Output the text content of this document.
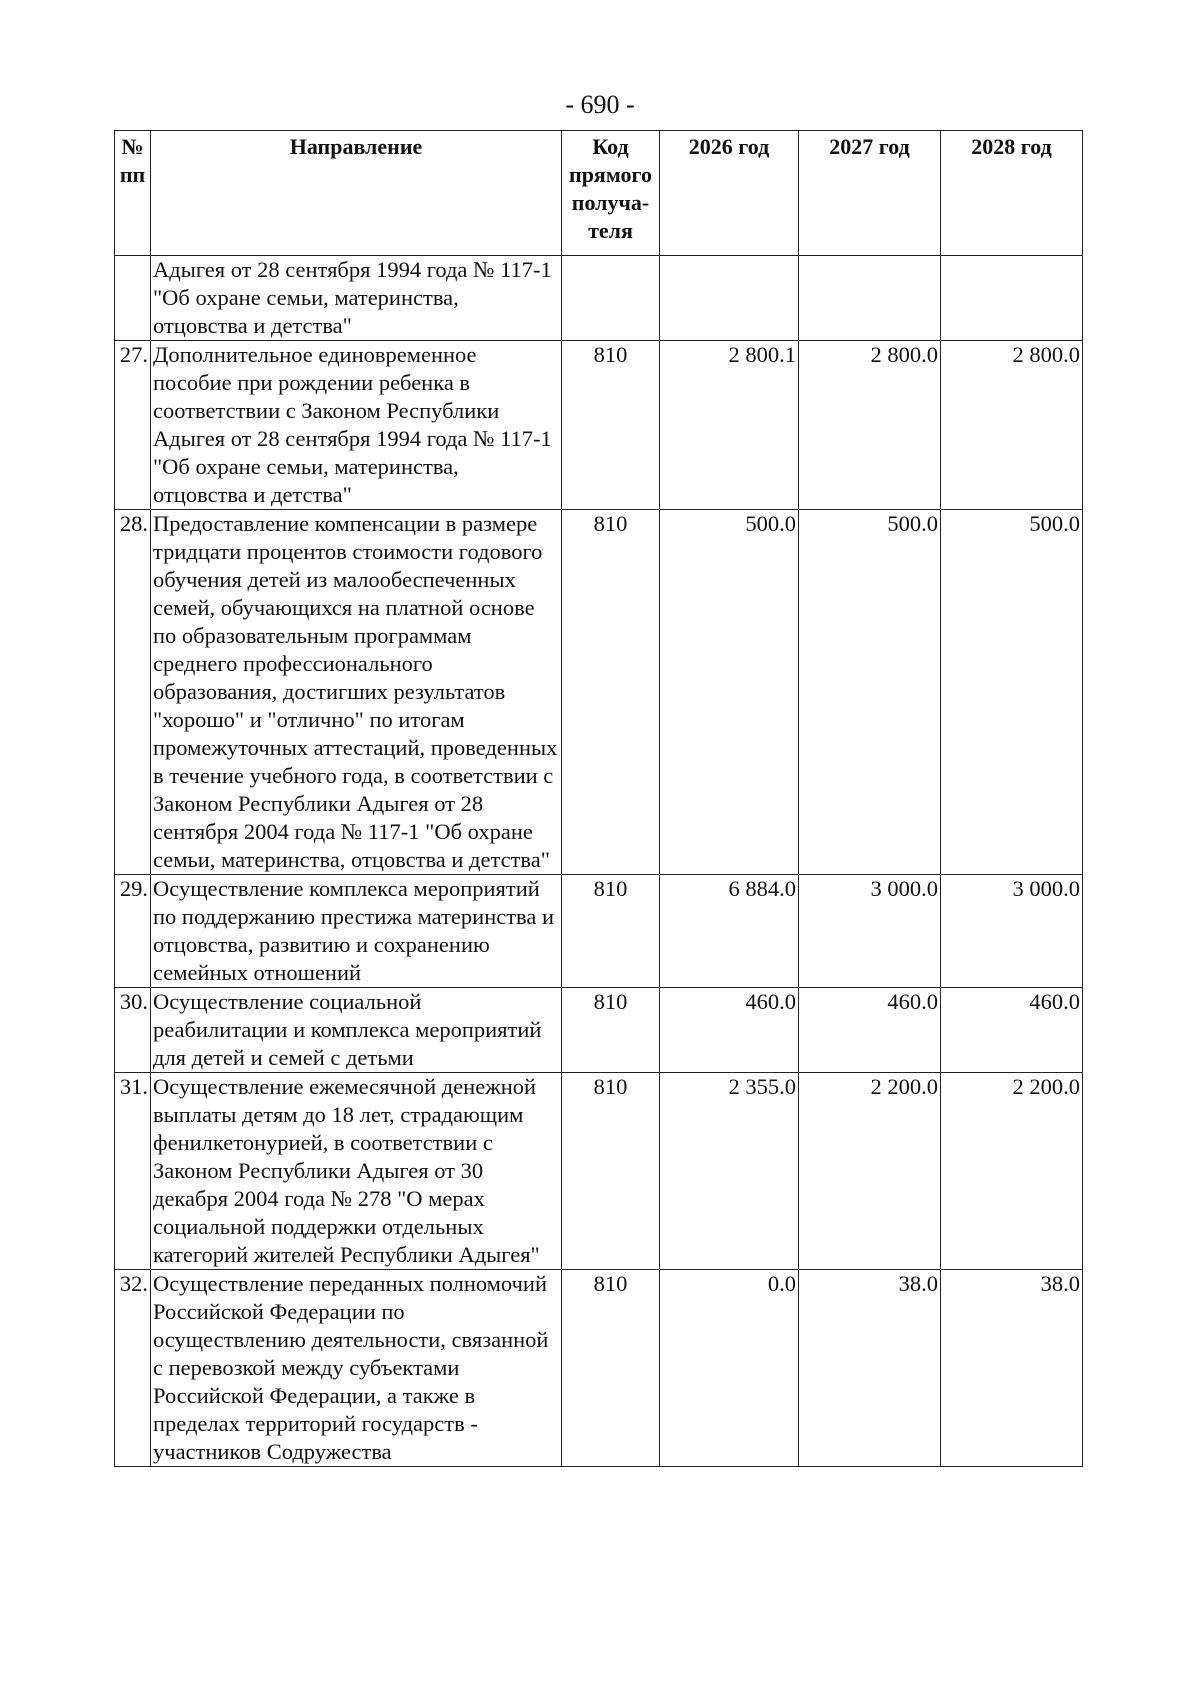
- 690 -
№ пп	Направление	Код прямого получа-теля	2026 год	2027 год	2028 год
	Адыгея от 28 сентября 1994 года № 117-1 "Об охране семьи, материнства, отцовства и детства"				
27.	Дополнительное единовременное пособие при рождении ребенка в соответствии с Законом Республики Адыгея от 28 сентября 1994 года № 117-1 "Об охране семьи, материнства, отцовства и детства"	810	2 800.1	2 800.0	2 800.0
28.	Предоставление компенсации в размере тридцати процентов стоимости годового обучения детей из малообеспеченных семей, обучающихся на платной основе по образовательным программам среднего профессионального образования, достигших результатов "хорошо" и "отлично" по итогам промежуточных аттестаций, проведенных в течение учебного года, в соответствии с Законом Республики Адыгея от 28 сентября 2004 года № 117-1 "Об охране семьи, материнства, отцовства и детства"	810	500.0	500.0	500.0
29.	Осуществление комплекса мероприятий по поддержанию престижа материнства и отцовства, развитию и сохранению семейных отношений	810	6 884.0	3 000.0	3 000.0
30.	Осуществление социальной реабилитации и комплекса мероприятий для детей и семей с детьми	810	460.0	460.0	460.0
31.	Осуществление ежемесячной денежной выплаты детям до 18 лет, страдающим фенилкетонурией, в соответствии с Законом Республики Адыгея от 30 декабря 2004 года № 278 "О мерах социальной поддержки отдельных категорий жителей Республики Адыгея"	810	2 355.0	2 200.0	2 200.0
32.	Осуществление переданных полномочий Российской Федерации по осуществлению деятельности, связанной с перевозкой между субъектами Российской Федерации, а также в пределах территорий государств - участников Содружества	810	0.0	38.0	38.0
